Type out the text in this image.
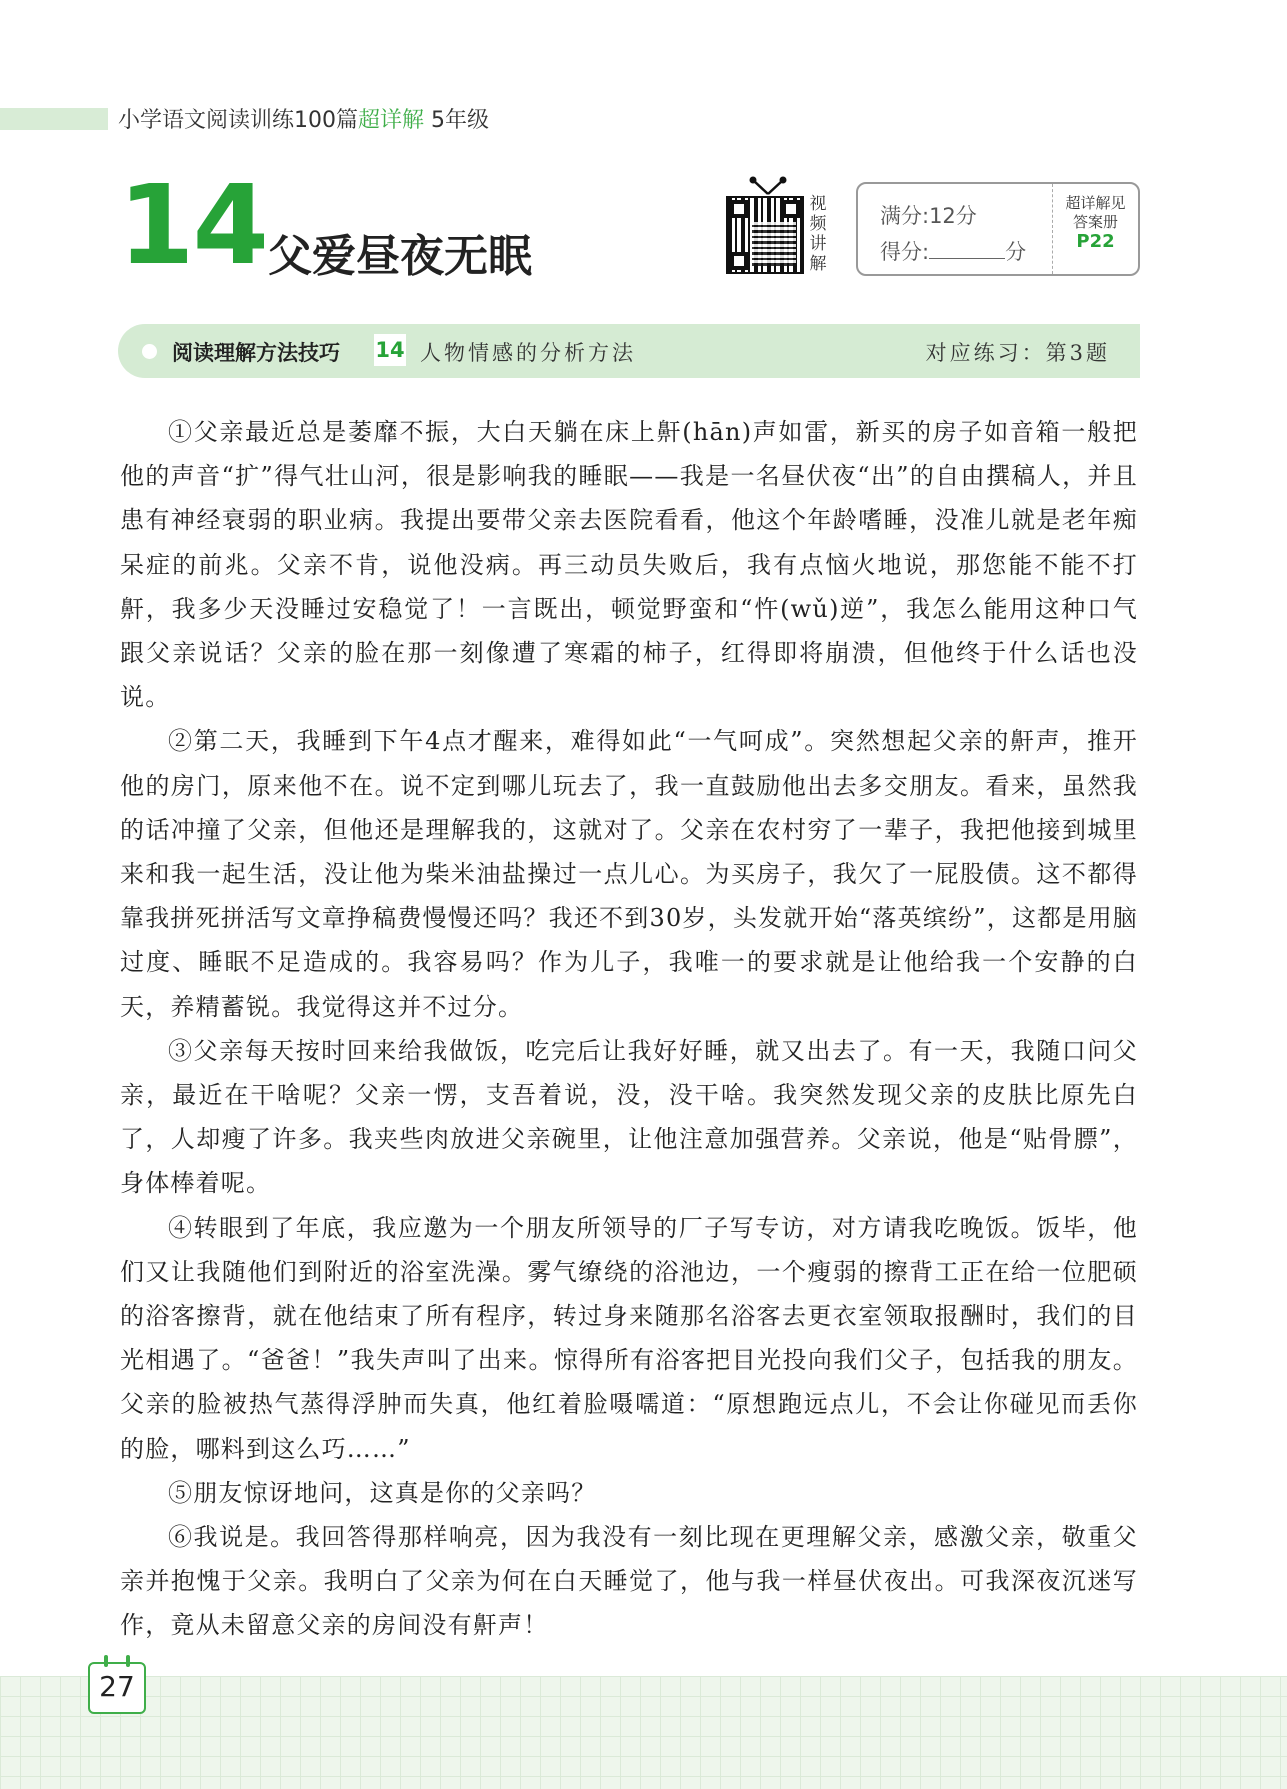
小学语文阅读训练100篇超详解 5年级
14 父爱昼夜无眠
视
频
讲
解
满分:12分
得分:	分
超详解见
答案册
P22
阅读理解方法技巧 14 人物情感的分析方法	对应练习：第3题

①父亲最近总是萎靡不振，大白天躺在床上鼾(hān)声如雷，新买的房子如音箱一般把他的声音“扩”得气壮山河，很是影响我的睡眠——我是一名昼伏夜“出”的自由撰稿人，并且患有神经衰弱的职业病。我提出要带父亲去医院看看，他这个年龄嗜睡，没准儿就是老年痴呆症的前兆。父亲不肯，说他没病。再三动员失败后，我有点恼火地说，那您能不能不打鼾，我多少天没睡过安稳觉了！一言既出，顿觉野蛮和“忤(wǔ)逆”，我怎么能用这种口气跟父亲说话？父亲的脸在那一刻像遭了寒霜的柿子，红得即将崩溃，但他终于什么话也没说。

②第二天，我睡到下午4点才醒来，难得如此“一气呵成”。突然想起父亲的鼾声，推开他的房门，原来他不在。说不定到哪儿玩去了，我一直鼓励他出去多交朋友。看来，虽然我的话冲撞了父亲，但他还是理解我的，这就对了。父亲在农村穷了一辈子，我把他接到城里来和我一起生活，没让他为柴米油盐操过一点儿心。为买房子，我欠了一屁股债。这不都得靠我拼死拼活写文章挣稿费慢慢还吗？我还不到30岁，头发就开始“落英缤纷”，这都是用脑过度、睡眠不足造成的。我容易吗？作为儿子，我唯一的要求就是让他给我一个安静的白天，养精蓄锐。我觉得这并不过分。

③父亲每天按时回来给我做饭，吃完后让我好好睡，就又出去了。有一天，我随口问父亲，最近在干啥呢？父亲一愣，支吾着说，没，没干啥。我突然发现父亲的皮肤比原先白了，人却瘦了许多。我夹些肉放进父亲碗里，让他注意加强营养。父亲说，他是“贴骨膘”，身体棒着呢。

④转眼到了年底，我应邀为一个朋友所领导的厂子写专访，对方请我吃晚饭。饭毕，他们又让我随他们到附近的浴室洗澡。雾气缭绕的浴池边，一个瘦弱的擦背工正在给一位肥硕的浴客擦背，就在他结束了所有程序，转过身来随那名浴客去更衣室领取报酬时，我们的目光相遇了。“爸爸！”我失声叫了出来。惊得所有浴客把目光投向我们父子，包括我的朋友。父亲的脸被热气蒸得浮肿而失真，他红着脸嗫嚅道：“原想跑远点儿，不会让你碰见而丢你的脸，哪料到这么巧……”

⑤朋友惊讶地问，这真是你的父亲吗？

⑥我说是。我回答得那样响亮，因为我没有一刻比现在更理解父亲，感激父亲，敬重父亲并抱愧于父亲。我明白了父亲为何在白天睡觉了，他与我一样昼伏夜出。可我深夜沉迷写作，竟从未留意父亲的房间没有鼾声！

27
